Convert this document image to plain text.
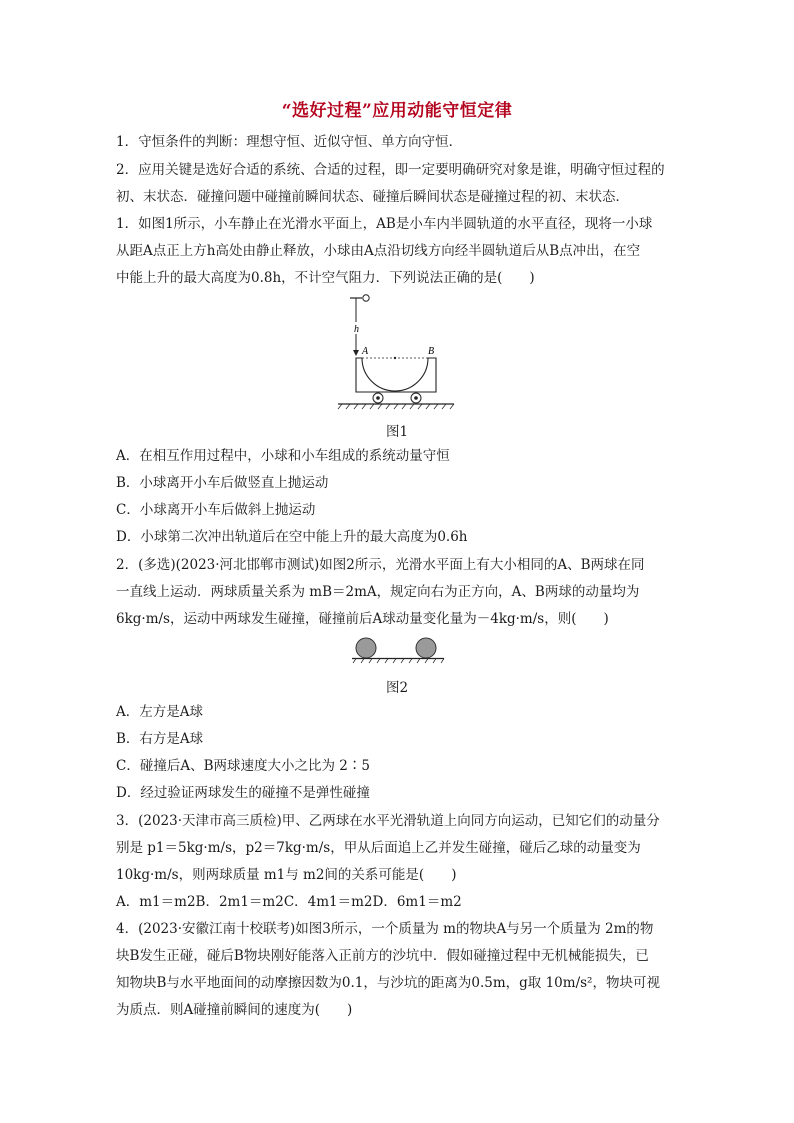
“选好过程”应用动能守恒定律
1．守恒条件的判断：理想守恒、近似守恒、单方向守恒．
2．应用关键是选好合适的系统、合适的过程，即一定要明确研究对象是谁，明确守恒过程的
初、末状态．碰撞问题中碰撞前瞬间状态、碰撞后瞬间状态是碰撞过程的初、末状态．
1．如图1所示，小车静止在光滑水平面上，AB是小车内半圆轨道的水平直径，现将一小球
从距A点正上方h高处由静止释放，小球由A点沿切线方向经半圆轨道后从B点冲出，在空
中能上升的最大高度为0.8h，不计空气阻力．下列说法正确的是(　　)
h
A	B
图1
A．在相互作用过程中，小球和小车组成的系统动量守恒
B．小球离开小车后做竖直上抛运动
C．小球离开小车后做斜上抛运动
D．小球第二次冲出轨道后在空中能上升的最大高度为0.6h
2．(多选)(2023·河北邯郸市测试)如图2所示，光滑水平面上有大小相同的A、B两球在同
一直线上运动．两球质量关系为 mB＝2mA，规定向右为正方向，A、B两球的动量均为
6kg·m/s，运动中两球发生碰撞，碰撞前后A球动量变化量为－4kg·m/s，则(　　)
图2
A．左方是A球
B．右方是A球
C．碰撞后A、B两球速度大小之比为 2∶5
D．经过验证两球发生的碰撞不是弹性碰撞
3．(2023·天津市高三质检)甲、乙两球在水平光滑轨道上向同方向运动，已知它们的动量分
别是 p1＝5kg·m/s，p2＝7kg·m/s，甲从后面追上乙并发生碰撞，碰后乙球的动量变为
10kg·m/s，则两球质量 m1与 m2间的关系可能是(　　)
A．m1＝m2B．2m1＝m2C．4m1＝m2D．6m1＝m2
4．(2023·安徽江南十校联考)如图3所示，一个质量为 m的物块A与另一个质量为 2m的物
块B发生正碰，碰后B物块刚好能落入正前方的沙坑中．假如碰撞过程中无机械能损失，已
知物块B与水平地面间的动摩擦因数为0.1，与沙坑的距离为0.5m，g取 10m/s²，物块可视
为质点．则A碰撞前瞬间的速度为(　　)
